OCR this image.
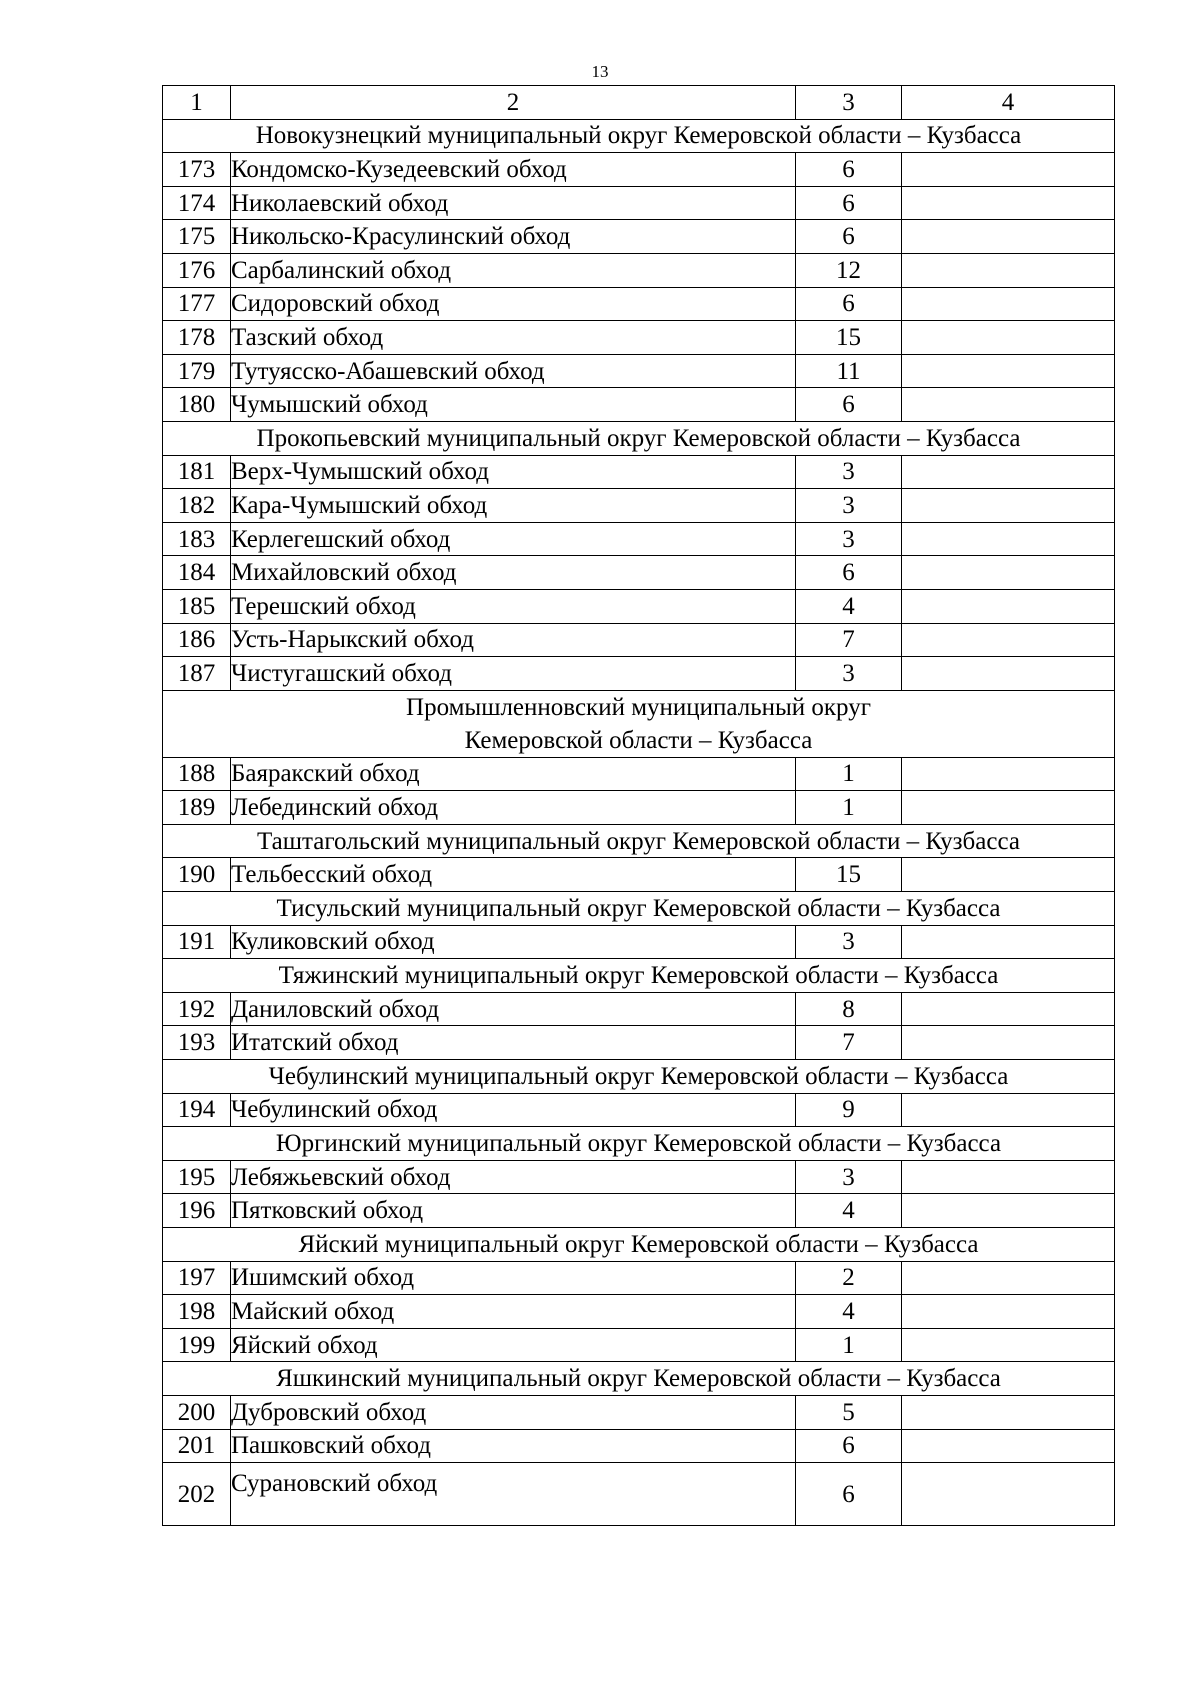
13
1	2	3	4
Новокузнецкий муниципальный округ Кемеровской области – Кузбасса			
173	Кондомско-Кузедеевский обход	6	
174	Николаевский обход	6	
175	Никольско-Красулинский обход	6	
176	Сарбалинский обход	12	
177	Сидоровский обход	6	
178	Тазский обход	15	
179	Тутуясско-Абашевский обход	11	
180	Чумышский обход	6	
Прокопьевский муниципальный округ Кемеровской области – Кузбасса			
181	Верх-Чумышский обход	3	
182	Кара-Чумышский обход	3	
183	Керлегешский обход	3	
184	Михайловский обход	6	
185	Терешский обход	4	
186	Усть-Нарыкский обход	7	
187	Чистугашский обход	3	
Промышленновский муниципальный округ
Кемеровской области – Кузбасса			
188	Баяракский обход	1	
189	Лебединский обход	1	
Таштагольский муниципальный округ Кемеровской области – Кузбасса			
190	Тельбесский обход	15	
Тисульский муниципальный округ Кемеровской области – Кузбасса			
191	Куликовский обход	3	
Тяжинский муниципальный округ Кемеровской области – Кузбасса			
192	Даниловский обход	8	
193	Итатский обход	7	
Чебулинский муниципальный округ Кемеровской области – Кузбасса			
194	Чебулинский обход	9	
Юргинский муниципальный округ Кемеровской области – Кузбасса			
195	Лебяжьевский обход	3	
196	Пятковский обход	4	
Яйский муниципальный округ Кемеровской области – Кузбасса			
197	Ишимский обход	2	
198	Майский обход	4	
199	Яйский обход	1	
Яшкинский муниципальный округ Кемеровской области – Кузбасса			
200	Дубровский обход	5	
201	Пашковский обход	6	
202	Сурановский обход	6	
